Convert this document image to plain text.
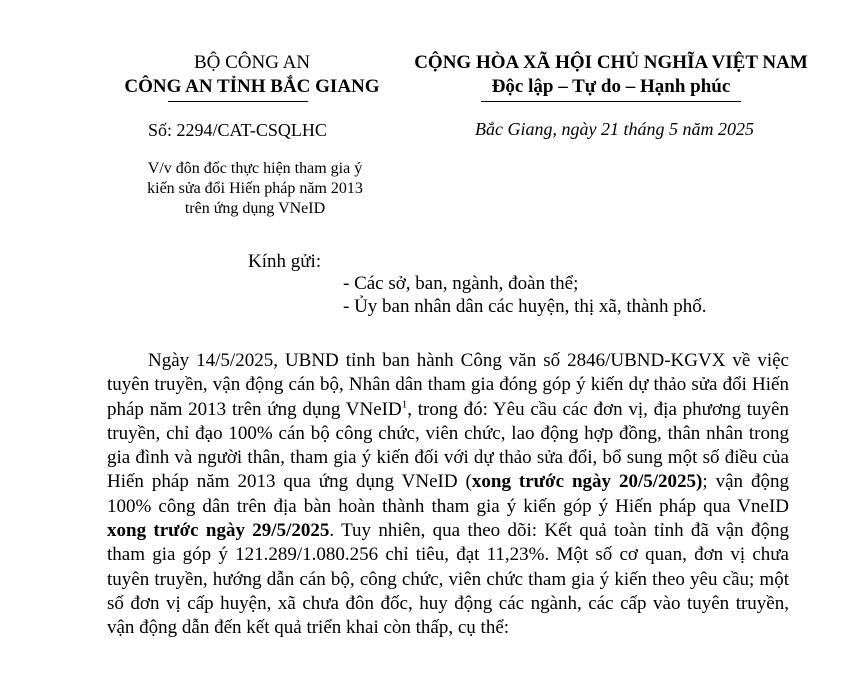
BỘ CÔNG AN
CÔNG AN TỈNH BẮC GIANG
CỘNG HÒA XÃ HỘI CHỦ NGHĨA VIỆT NAM
Độc lập – Tự do – Hạnh phúc
Số: 2294/CAT-CSQLHC	Bắc Giang, ngày 21 tháng 5 năm 2025
V/v đôn đốc thực hiện tham gia ý
kiến sửa đổi Hiến pháp năm 2013
trên ứng dụng VNeID
Kính gửi:
- Các sở, ban, ngành, đoàn thể;
- Ủy ban nhân dân các huyện, thị xã, thành phố.

Ngày 14/5/2025, UBND tỉnh ban hành Công văn số 2846/UBND-KGVX về việc tuyên truyền, vận động cán bộ, Nhân dân tham gia đóng góp ý kiến dự thảo sửa đổi Hiến pháp năm 2013 trên ứng dụng VNeID$^1$, trong đó: Yêu cầu các đơn vị, địa phương tuyên truyền, chỉ đạo 100% cán bộ công chức, viên chức, lao động hợp đồng, thân nhân trong gia đình và người thân, tham gia ý kiến đối với dự thảo sửa đổi, bổ sung một số điều của Hiến pháp năm 2013 qua ứng dụng VNeID (xong trước ngày 20/5/2025); vận động 100% công dân trên địa bàn hoàn thành tham gia ý kiến góp ý Hiến pháp qua VneID xong trước ngày 29/5/2025. Tuy nhiên, qua theo dõi: Kết quả toàn tỉnh đã vận động tham gia góp ý 121.289/1.080.256 chỉ tiêu, đạt 11,23%. Một số cơ quan, đơn vị chưa tuyên truyền, hướng dẫn cán bộ, công chức, viên chức tham gia ý kiến theo yêu cầu; một số đơn vị cấp huyện, xã chưa đôn đốc, huy động các ngành, các cấp vào tuyên truyền, vận động dẫn đến kết quả triển khai còn thấp, cụ thể:
